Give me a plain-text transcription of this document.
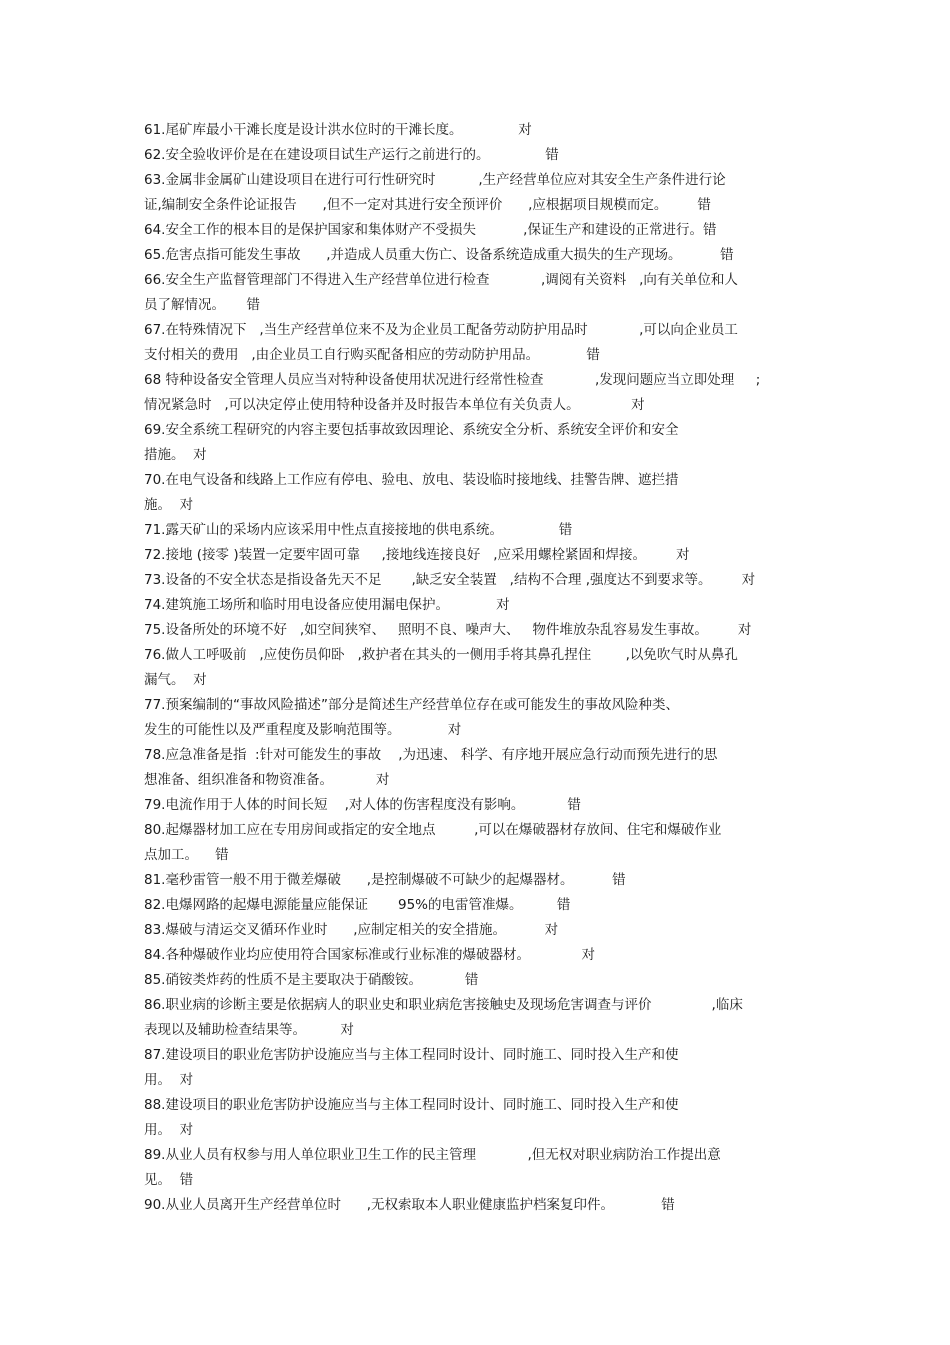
61.尾矿库最小干滩长度是设计洪水位时的干滩长度。             对
62.安全验收评价是在在建设项目试生产运行之前进行的。             错
63.金属非金属矿山建设项目在进行可行性研究时          ,生产经营单位应对其安全生产条件进行论
证,编制安全条件论证报告      ,但不一定对其进行安全预评价      ,应根据项目规模而定。       错
64.安全工作的根本目的是保护国家和集体财产不受损失           ,保证生产和建设的正常进行。错
65.危害点指可能发生事故      ,并造成人员重大伤亡、设备系统造成重大损失的生产现场。         错
66.安全生产监督管理部门不得进入生产经营单位进行检查            ,调阅有关资料   ,向有关单位和人
员了解情况。     错
67.在特殊情况下   ,当生产经营单位来不及为企业员工配备劳动防护用品时            ,可以向企业员工
支付相关的费用   ,由企业员工自行购买配备相应的劳动防护用品。           错
68 特种设备安全管理人员应当对特种设备使用状况进行经常性检查            ,发现问题应当立即处理     ;
情况紧急时   ,可以决定停止使用特种设备并及时报告本单位有关负责人。            对
69.安全系统工程研究的内容主要包括事故致因理论、系统安全分析、系统安全评价和安全
措施。  对
70.在电气设备和线路上工作应有停电、验电、放电、装设临时接地线、挂警告牌、遮拦措
施。  对
71.露天矿山的采场内应该采用中性点直接接地的供电系统。             错
72.接地 (接零 )装置一定要牢固可靠     ,接地线连接良好   ,应采用螺栓紧固和焊接。       对
73.设备的不安全状态是指设备先天不足       ,缺乏安全装置   ,结构不合理 ,强度达不到要求等。       对
74.建筑施工场所和临时用电设备应使用漏电保护。           对
75.设备所处的环境不好   ,如空间狭窄、   照明不良、噪声大、   物件堆放杂乱容易发生事故。       对
76.做人工呼吸前   ,应使伤员仰卧   ,救护者在其头的一侧用手将其鼻孔捏住        ,以免吹气时从鼻孔
漏气。  对
77.预案编制的“事故风险描述”部分是简述生产经营单位存在或可能发生的事故风险种类、
发生的可能性以及严重程度及影响范围等。           对
78.应急准备是指  :针对可能发生的事故    ,为迅速、 科学、有序地开展应急行动而预先进行的思
想准备、组织准备和物资准备。          对
79.电流作用于人体的时间长短    ,对人体的伤害程度没有影响。          错
80.起爆器材加工应在专用房间或指定的安全地点         ,可以在爆破器材存放间、住宅和爆破作业
点加工。    错
81.毫秒雷管一般不用于微差爆破      ,是控制爆破不可缺少的起爆器材。         错
82.电爆网路的起爆电源能量应能保证       95%的电雷管准爆。        错
83.爆破与清运交叉循环作业时      ,应制定相关的安全措施。         对
84.各种爆破作业均应使用符合国家标准或行业标准的爆破器材。            对
85.硝铵类炸药的性质不是主要取决于硝酸铵。          错
86.职业病的诊断主要是依据病人的职业史和职业病危害接触史及现场危害调查与评价              ,临床
表现以及辅助检查结果等。        对
87.建设项目的职业危害防护设施应当与主体工程同时设计、同时施工、同时投入生产和使
用。  对
88.建设项目的职业危害防护设施应当与主体工程同时设计、同时施工、同时投入生产和使
用。  对
89.从业人员有权参与用人单位职业卫生工作的民主管理            ,但无权对职业病防治工作提出意
见。  错
90.从业人员离开生产经营单位时      ,无权索取本人职业健康监护档案复印件。           错
